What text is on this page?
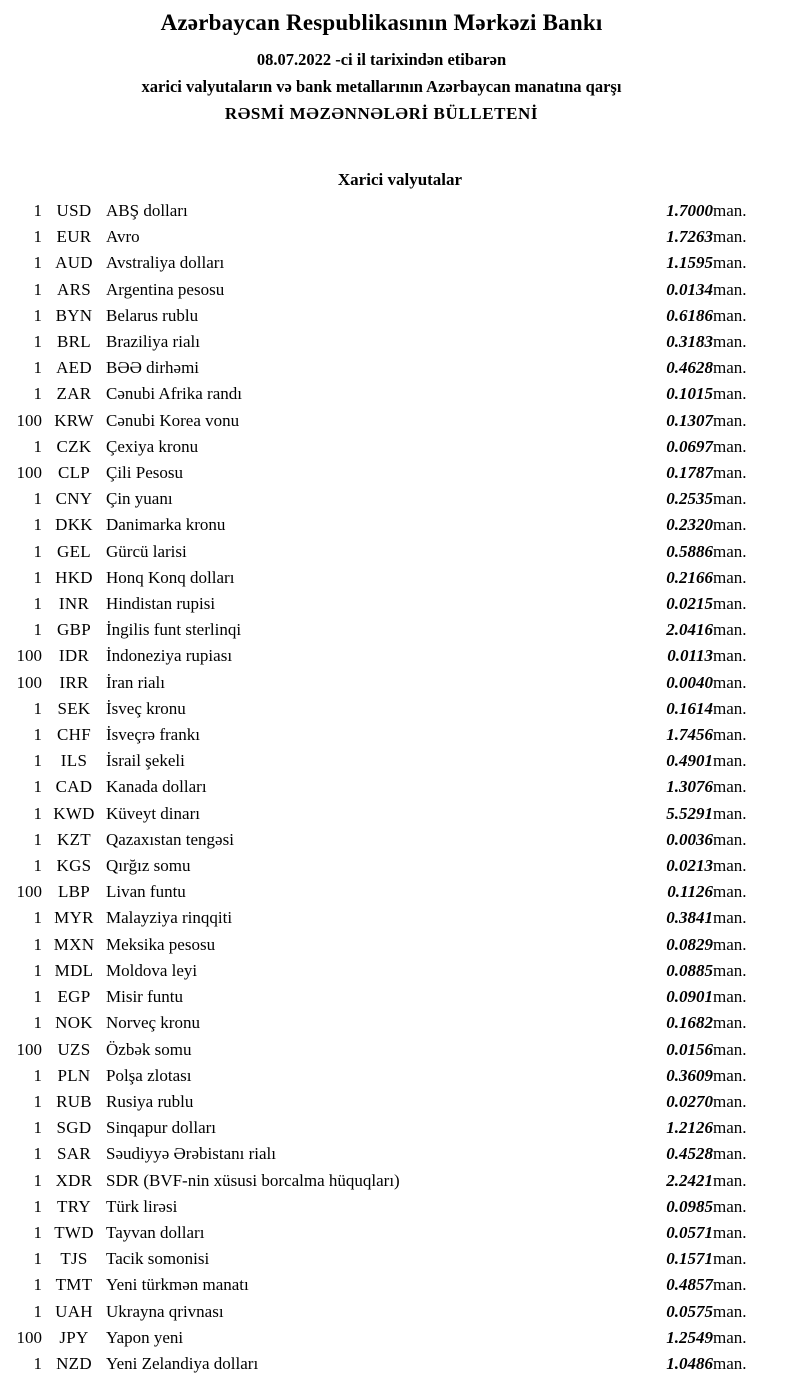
Azərbaycan Respublikasının Mərkəzi Bankı
08.07.2022 -ci il tarixindən etibarən
xarici valyutaların və bank metallarının Azərbaycan manatına qarşı
RƏSMİ MƏZƏNNƏLƏRİ BÜLLETENİ
Xarici valyutalar
1	USD	ABŞ dolları	1.7000	man.
1	EUR	Avro	1.7263	man.
1	AUD	Avstraliya dolları	1.1595	man.
1	ARS	Argentina pesosu	0.0134	man.
1	BYN	Belarus rublu	0.6186	man.
1	BRL	Braziliya rialı	0.3183	man.
1	AED	BƏƏ dirhəmi	0.4628	man.
1	ZAR	Cənubi Afrika randı	0.1015	man.
100	KRW	Cənubi Korea vonu	0.1307	man.
1	CZK	Çexiya kronu	0.0697	man.
100	CLP	Çili Pesosu	0.1787	man.
1	CNY	Çin yuanı	0.2535	man.
1	DKK	Danimarka kronu	0.2320	man.
1	GEL	Gürcü larisi	0.5886	man.
1	HKD	Honq Konq dolları	0.2166	man.
1	INR	Hindistan rupisi	0.0215	man.
1	GBP	İngilis funt sterlinqi	2.0416	man.
100	IDR	İndoneziya rupiası	0.0113	man.
100	IRR	İran rialı	0.0040	man.
1	SEK	İsveç kronu	0.1614	man.
1	CHF	İsveçrə frankı	1.7456	man.
1	ILS	İsrail şekeli	0.4901	man.
1	CAD	Kanada dolları	1.3076	man.
1	KWD	Küveyt dinarı	5.5291	man.
1	KZT	Qazaxıstan tengəsi	0.0036	man.
1	KGS	Qırğız somu	0.0213	man.
100	LBP	Livan funtu	0.1126	man.
1	MYR	Malayziya rinqqiti	0.3841	man.
1	MXN	Meksika pesosu	0.0829	man.
1	MDL	Moldova leyi	0.0885	man.
1	EGP	Misir funtu	0.0901	man.
1	NOK	Norveç kronu	0.1682	man.
100	UZS	Özbək somu	0.0156	man.
1	PLN	Polşa zlotası	0.3609	man.
1	RUB	Rusiya rublu	0.0270	man.
1	SGD	Sinqapur dolları	1.2126	man.
1	SAR	Səudiyyə Ərəbistanı rialı	0.4528	man.
1	XDR	SDR (BVF-nin xüsusi borcalma hüquqları)	2.2421	man.
1	TRY	Türk lirəsi	0.0985	man.
1	TWD	Tayvan dolları	0.0571	man.
1	TJS	Tacik somonisi	0.1571	man.
1	TMT	Yeni türkmən manatı	0.4857	man.
1	UAH	Ukrayna qrivnası	0.0575	man.
100	JPY	Yapon yeni	1.2549	man.
1	NZD	Yeni Zelandiya dolları	1.0486	man.
